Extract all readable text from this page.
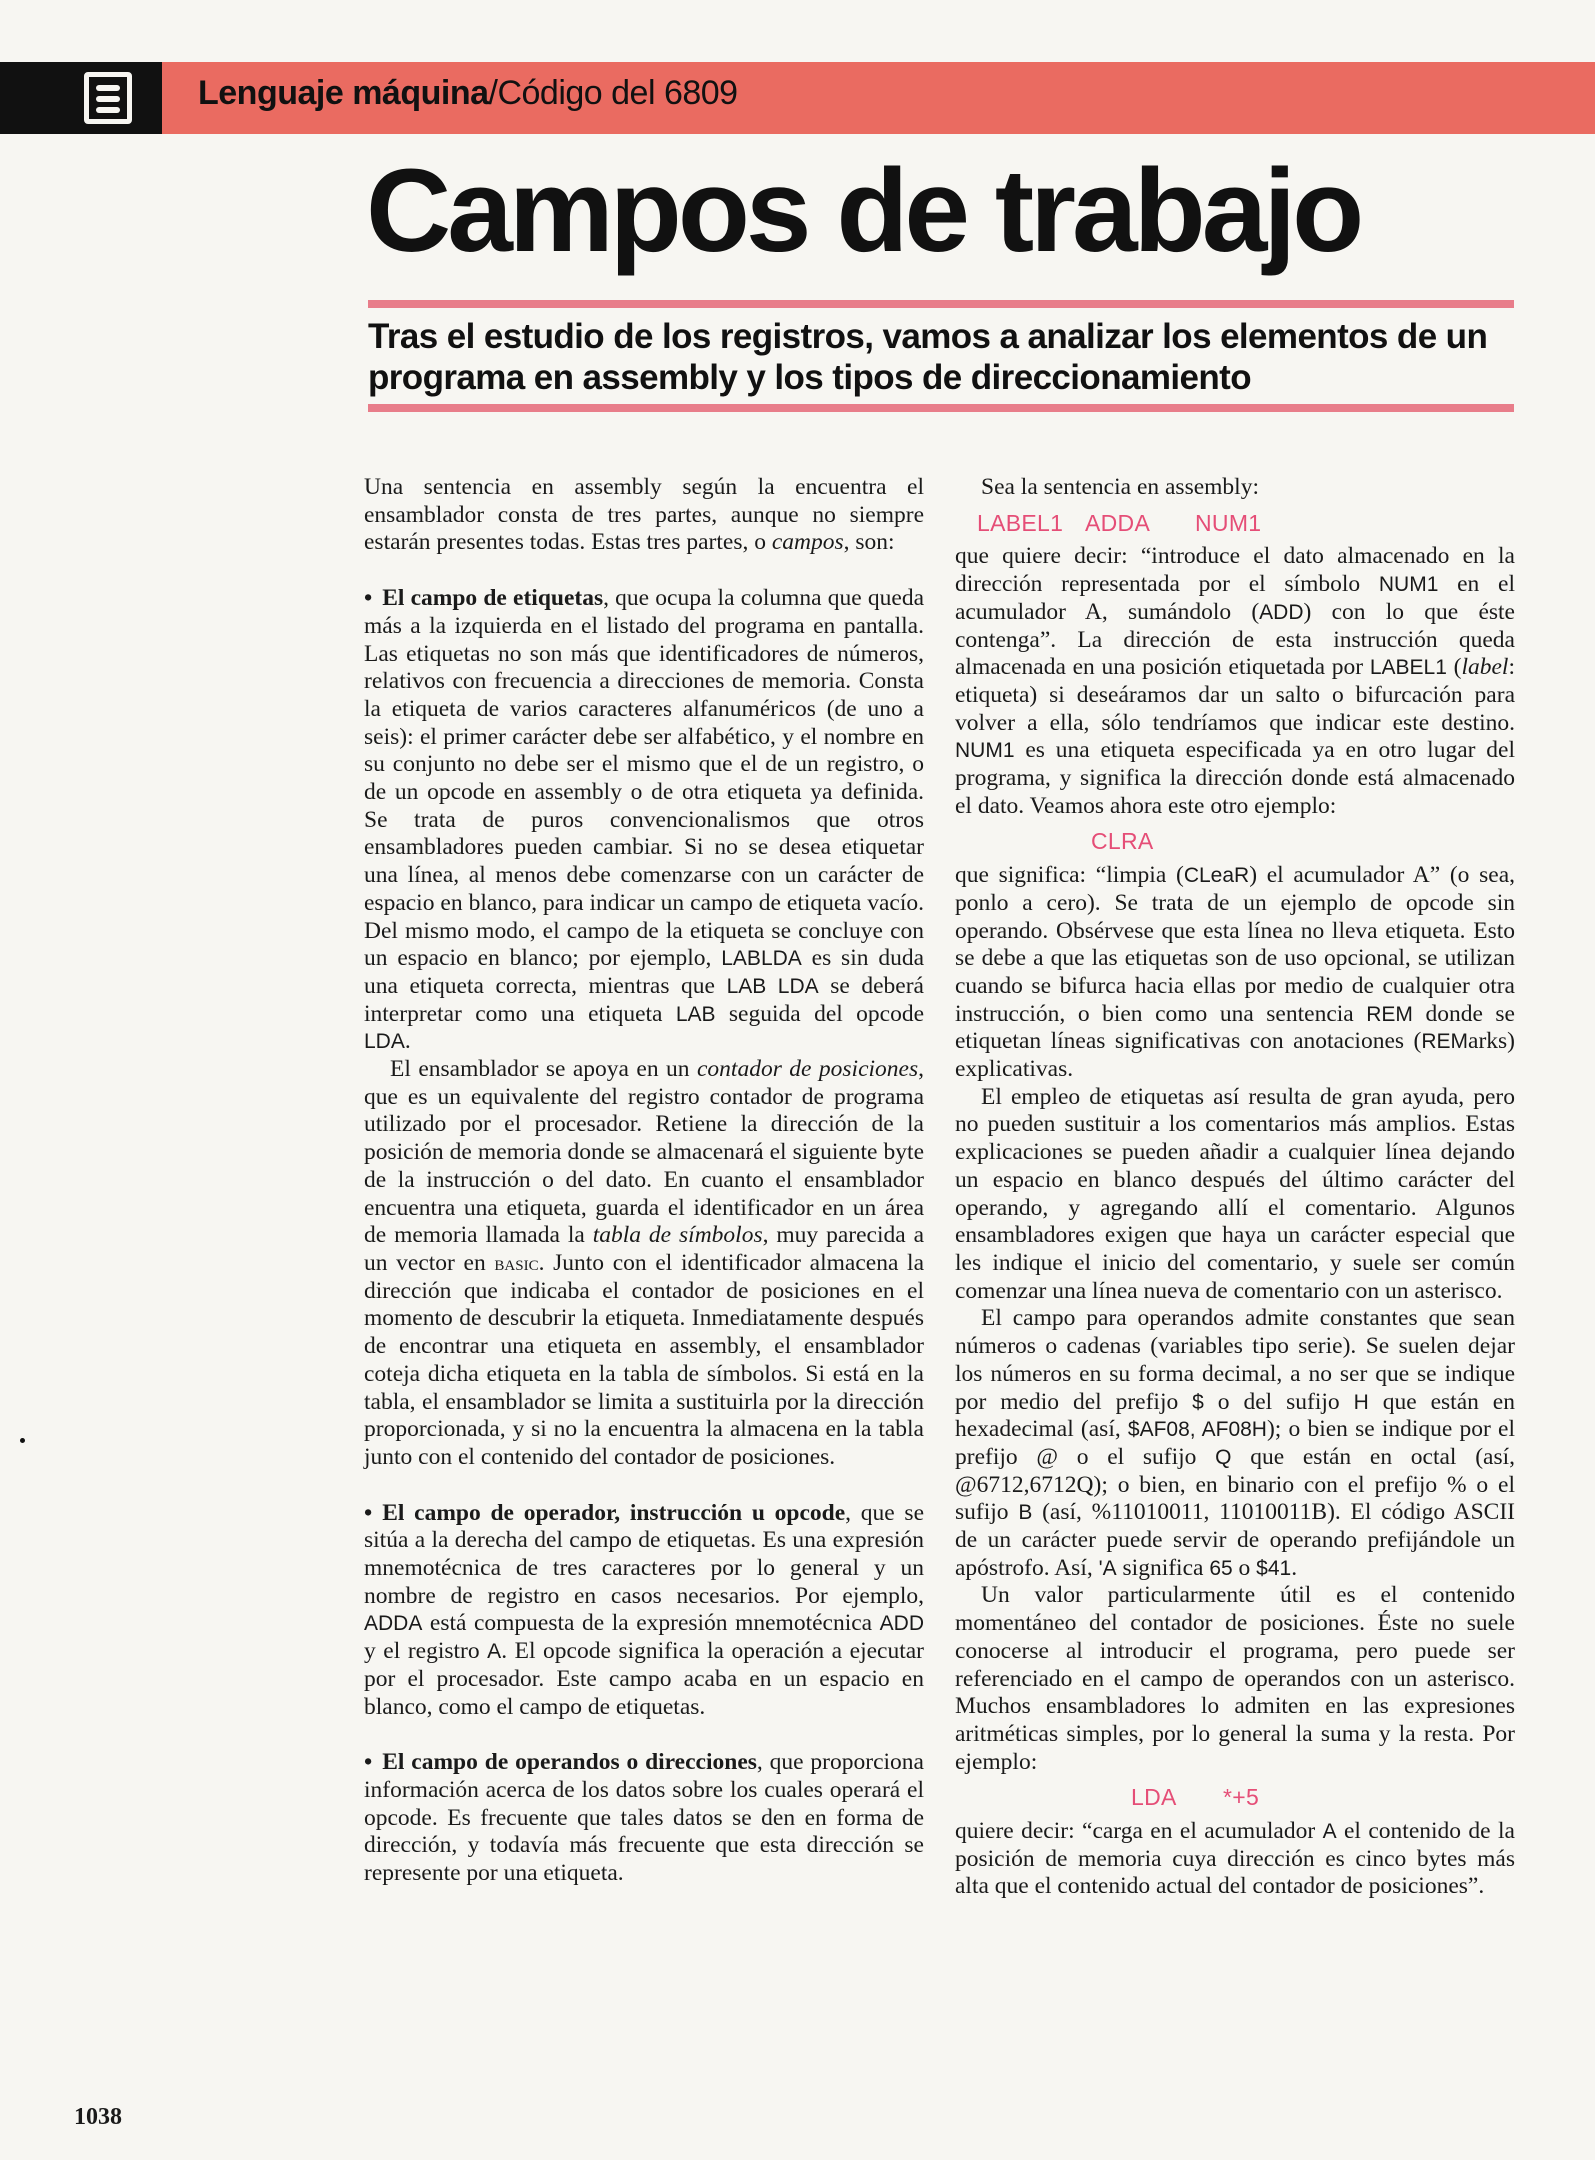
Lenguaje máquina/Código del 6809
Campos de trabajo
Tras el estudio de los registros, vamos a analizar los elementos de un programa en assembly y los tipos de direccionamiento

Una sentencia en assembly según la encuentra el ensamblador consta de tres partes, aunque no siempre estarán presentes todas. Estas tres partes, o campos, son:

• El campo de etiquetas, que ocupa la columna que queda más a la izquierda en el listado del programa en pantalla. Las etiquetas no son más que identificadores de números, relativos con frecuencia a direcciones de memoria. Consta la etiqueta de varios caracteres alfanuméricos (de uno a seis): el primer carácter debe ser alfabético, y el nombre en su conjunto no debe ser el mismo que el de un registro, o de un opcode en assembly o de otra etiqueta ya definida. Se trata de puros convencionalismos que otros ensambladores pueden cambiar. Si no se desea etiquetar una línea, al menos debe comenzarse con un carácter de espacio en blanco, para indicar un campo de etiqueta vacío. Del mismo modo, el campo de la etiqueta se concluye con un espacio en blanco; por ejemplo, LABLDA es sin duda una etiqueta correcta, mientras que LAB LDA se deberá interpretar como una etiqueta LAB seguida del opcode LDA.

El ensamblador se apoya en un contador de posiciones, que es un equivalente del registro contador de programa utilizado por el procesador. Retiene la dirección de la posición de memoria donde se almacenará el siguiente byte de la instrucción o del dato. En cuanto el ensamblador encuentra una etiqueta, guarda el identificador en un área de memoria llamada la tabla de símbolos, muy parecida a un vector en basic. Junto con el identificador almacena la dirección que indicaba el contador de posiciones en el momento de descubrir la etiqueta. Inmediatamente después de encontrar una etiqueta en assembly, el ensamblador coteja dicha etiqueta en la tabla de símbolos. Si está en la tabla, el ensamblador se limita a sustituirla por la dirección proporcionada, y si no la encuentra la almacena en la tabla junto con el contenido del contador de posiciones.

• El campo de operador, instrucción u opcode, que se sitúa a la derecha del campo de etiquetas. Es una expresión mnemotécnica de tres caracteres por lo general y un nombre de registro en casos necesarios. Por ejemplo, ADDA está compuesta de la expresión mnemotécnica ADD y el registro A. El opcode significa la operación a ejecutar por el procesador. Este campo acaba en un espacio en blanco, como el campo de etiquetas.

• El campo de operandos o direcciones, que proporciona información acerca de los datos sobre los cuales operará el opcode. Es frecuente que tales datos se den en forma de dirección, y todavía más frecuente que esta dirección se represente por una etiqueta.

Sea la sentencia en assembly:

LABEL1 ADDA NUM1

que quiere decir: “introduce el dato almacenado en la dirección representada por el símbolo NUM1 en el acumulador A, sumándolo (ADD) con lo que éste contenga”. La dirección de esta instrucción queda almacenada en una posición etiquetada por LABEL1 (label: etiqueta) si deseáramos dar un salto o bifurcación para volver a ella, sólo tendríamos que indicar este destino. NUM1 es una etiqueta especificada ya en otro lugar del programa, y significa la dirección donde está almacenado el dato. Veamos ahora este otro ejemplo:

CLRA

que significa: “limpia (CLeaR) el acumulador A” (o sea, ponlo a cero). Se trata de un ejemplo de opcode sin operando. Obsérvese que esta línea no lleva etiqueta. Esto se debe a que las etiquetas son de uso opcional, se utilizan cuando se bifurca hacia ellas por medio de cualquier otra instrucción, o bien como una sentencia REM donde se etiquetan líneas significativas con anotaciones (REMarks) explicativas.

El empleo de etiquetas así resulta de gran ayuda, pero no pueden sustituir a los comentarios más amplios. Estas explicaciones se pueden añadir a cualquier línea dejando un espacio en blanco después del último carácter del operando, y agregando allí el comentario. Algunos ensambladores exigen que haya un carácter especial que les indique el inicio del comentario, y suele ser común comenzar una línea nueva de comentario con un asterisco.

El campo para operandos admite constantes que sean números o cadenas (variables tipo serie). Se suelen dejar los números en su forma decimal, a no ser que se indique por medio del prefijo $ o del sufijo H que están en hexadecimal (así, $AF08, AF08H); o bien se indique por el prefijo @ o el sufijo Q que están en octal (así, @6712,6712Q); o bien, en binario con el prefijo % o el sufijo B (así, %11010011, 11010011B). El código ASCII de un carácter puede servir de operando prefijándole un apóstrofo. Así, 'A significa 65 o $41.

Un valor particularmente útil es el contenido momentáneo del contador de posiciones. Éste no suele conocerse al introducir el programa, pero puede ser referenciado en el campo de operandos con un asterisco. Muchos ensambladores lo admiten en las expresiones aritméticas simples, por lo general la suma y la resta. Por ejemplo:

LDA *+5

quiere decir: “carga en el acumulador A el contenido de la posición de memoria cuya dirección es cinco bytes más alta que el contenido actual del contador de posiciones”.

1038
